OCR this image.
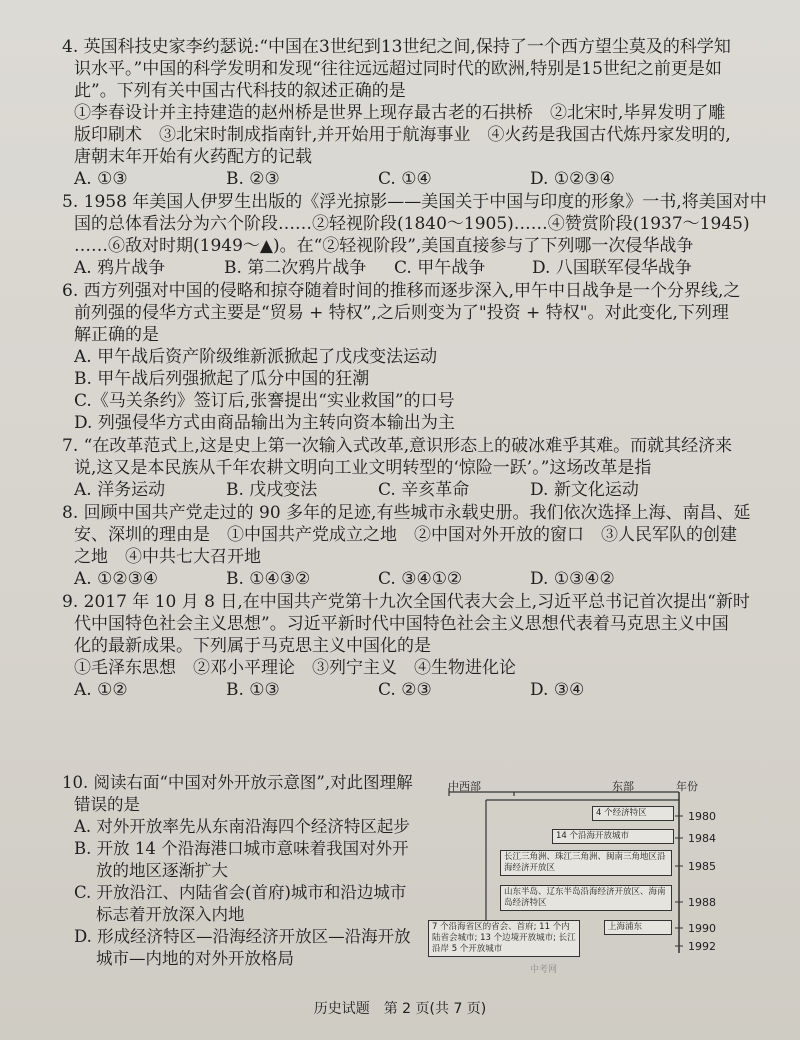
4. 英国科技史家李约瑟说:“中国在3世纪到13世纪之间,保持了一个西方望尘莫及的科学知

识水平。”中国的科学发明和发现“往往远远超过同时代的欧洲,特别是15世纪之前更是如

此”。下列有关中国古代科技的叙述正确的是

①李春设计并主持建造的赵州桥是世界上现存最古老的石拱桥　②北宋时,毕昇发明了雕

版印刷术　③北宋时制成指南针,并开始用于航海事业　④火药是我国古代炼丹家发明的,

唐朝末年开始有火药配方的记载

A. ①③	B. ②③	C. ①④	D. ①②③④

5. 1958 年美国人伊罗生出版的《浮光掠影——美国关于中国与印度的形象》一书,将美国对中

国的总体看法分为六个阶段……②轻视阶段(1840～1905)……④赞赏阶段(1937～1945)

……⑥敌对时期(1949～▲)。在“②轻视阶段”,美国直接参与了下列哪一次侵华战争

A. 鸦片战争	B. 第二次鸦片战争	C. 甲午战争	D. 八国联军侵华战争

6. 西方列强对中国的侵略和掠夺随着时间的推移而逐步深入,甲午中日战争是一个分界线,之

前列强的侵华方式主要是“贸易 + 特权”,之后则变为了"投资 + 特权"。对此变化,下列理

解正确的是

A. 甲午战后资产阶级维新派掀起了戊戌变法运动

B. 甲午战后列强掀起了瓜分中国的狂潮

C.《马关条约》签订后,张謇提出“实业救国”的口号

D. 列强侵华方式由商品输出为主转向资本输出为主

7. “在改革范式上,这是史上第一次输入式改革,意识形态上的破冰难乎其难。而就其经济来

说,这又是本民族从千年农耕文明向工业文明转型的‘惊险一跃’。”这场改革是指

A. 洋务运动	B. 戊戌变法	C. 辛亥革命	D. 新文化运动

8. 回顾中国共产党走过的 90 多年的足迹,有些城市永载史册。我们依次选择上海、南昌、延

安、深圳的理由是　①中国共产党成立之地　②中国对外开放的窗口　③人民军队的创建

之地　④中共七大召开地

A. ①②③④	B. ①④③②	C. ③④①②	D. ①③④②

9. 2017 年 10 月 8 日,在中国共产党第十九次全国代表大会上,习近平总书记首次提出“新时

代中国特色社会主义思想”。习近平新时代中国特色社会主义思想代表着马克思主义中国

化的最新成果。下列属于马克思主义中国化的是

①毛泽东思想　②邓小平理论　③列宁主义　④生物进化论

A. ①②	B. ①③	C. ②③	D. ③④

10. 阅读右面“中国对外开放示意图”,对此图理解

错误的是

A. 对外开放率先从东南沿海四个经济特区起步

B. 开放 14 个沿海港口城市意味着我国对外开

放的地区逐渐扩大

C. 开放沿江、内陆省会(首府)城市和沿边城市

标志着开放深入内地

D. 形成经济特区—沿海经济开放区—沿海开放

城市—内地的对外开放格局

中西部	东部	年份
4 个经济特区
14 个沿海开放城市
长江三角洲、珠江三角洲、闽南三角地区沿海经济开放区
山东半岛、辽东半岛沿海经济开放区、海南岛经济特区
上海浦东
7 个沿海省区的省会、首府; 11 个内陆省会城市; 13 个边境开放城市; 长江沿岸 5 个开放城市
1980
1984
1985
1988
1990
1992
中考网
历史试题　第 2 页(共 7 页)
